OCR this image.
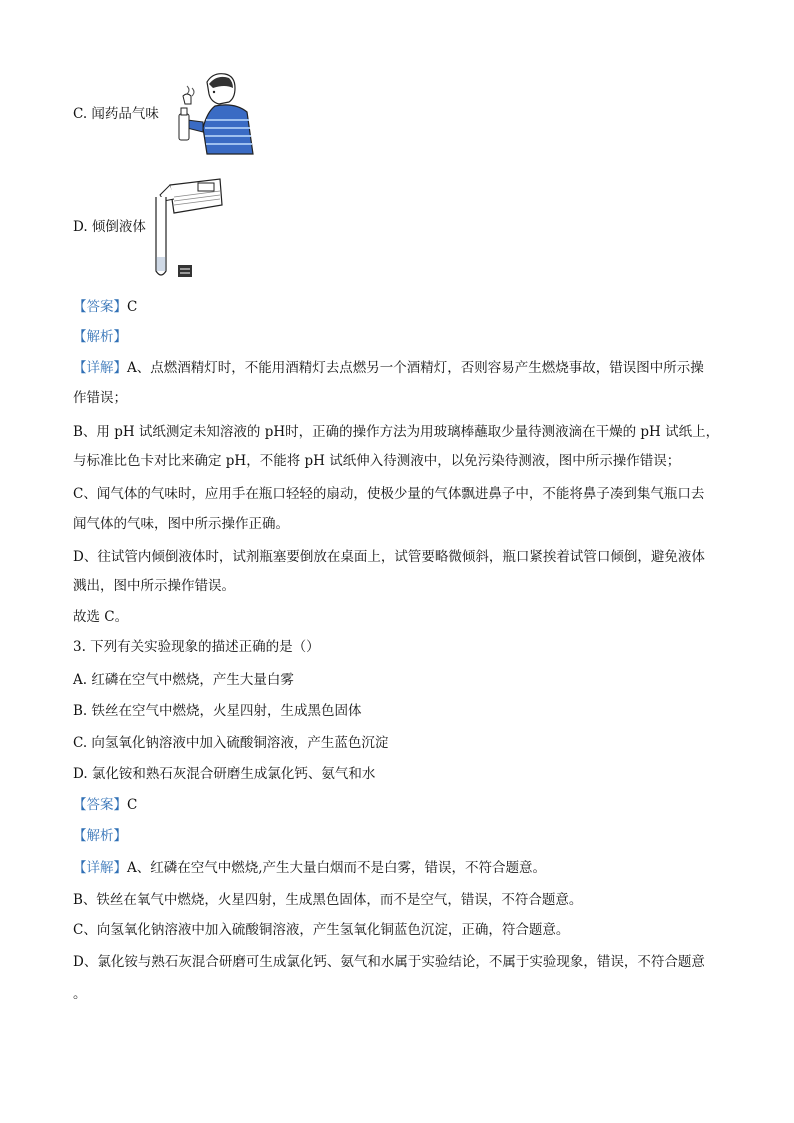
C. 闻药品气味
D. 倾倒液体
【答案】C
【解析】
【详解】A、点燃酒精灯时，不能用酒精灯去点燃另一个酒精灯，否则容易产生燃烧事故，错误图中所示操
作错误；
B、用 pH 试纸测定未知溶液的 pH时，正确的操作方法为用玻璃棒蘸取少量待测液滴在干燥的 pH 试纸上，
与标准比色卡对比来确定 pH，不能将 pH 试纸伸入待测液中，以免污染待测液，图中所示操作错误；
C、闻气体的气味时，应用手在瓶口轻轻的扇动，使极少量的气体飘进鼻子中，不能将鼻子凑到集气瓶口去
闻气体的气味，图中所示操作正确。
D、往试管内倾倒液体时，试剂瓶塞要倒放在桌面上，试管要略微倾斜，瓶口紧挨着试管口倾倒，避免液体
溅出，图中所示操作错误。
故选 C。
3. 下列有关实验现象的描述正确的是（）
A. 红磷在空气中燃烧，产生大量白雾
B. 铁丝在空气中燃烧，火星四射，生成黑色固体
C. 向氢氧化钠溶液中加入硫酸铜溶液，产生蓝色沉淀
D. 氯化铵和熟石灰混合研磨生成氯化钙、氨气和水
【答案】C
【解析】
【详解】A、红磷在空气中燃烧,产生大量白烟而不是白雾，错误，不符合题意。
B、铁丝在氧气中燃烧，火星四射，生成黑色固体，而不是空气，错误，不符合题意。
C、向氢氧化钠溶液中加入硫酸铜溶液，产生氢氧化铜蓝色沉淀，正确，符合题意。
D、氯化铵与熟石灰混合研磨可生成氯化钙、氨气和水属于实验结论，不属于实验现象，错误，不符合题意
。
